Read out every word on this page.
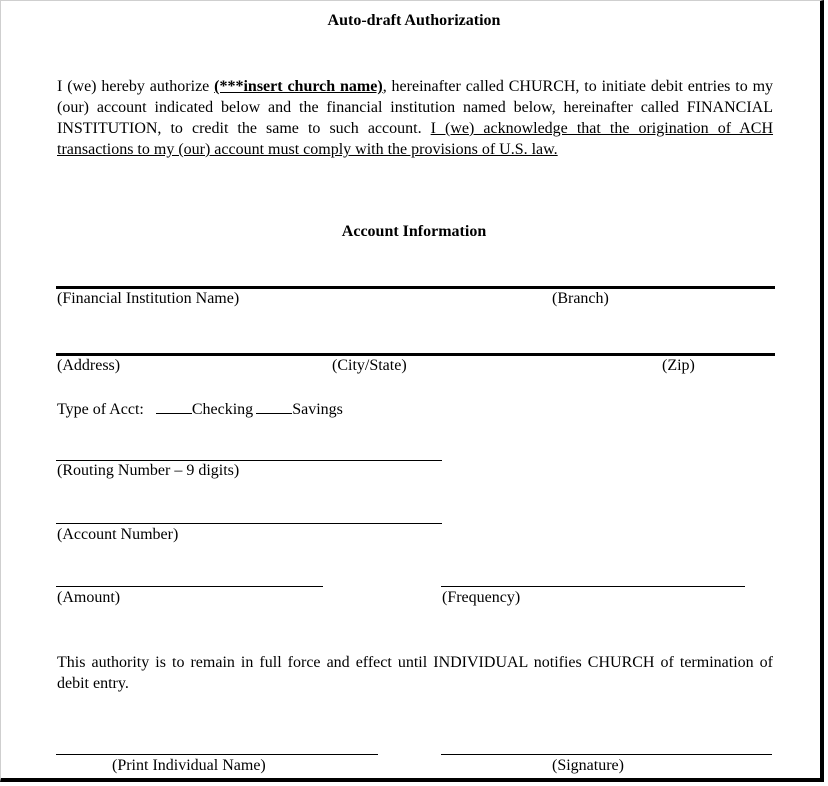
Auto-draft Authorization
I (we) hereby authorize (***insert church name), hereinafter called CHURCH, to initiate debit entries to my (our) account indicated below and the financial institution named below, hereinafter called FINANCIAL INSTITUTION, to credit the same to such account. I (we) acknowledge that the origination of ACH transactions to my (our) account must comply with the provisions of U.S. law.
Account Information
(Financial Institution Name)	(Branch)
(Address)	(City/State)	(Zip)
Type of Acct:	Checking Savings
(Routing Number – 9 digits)
(Account Number)
(Amount)	(Frequency)
This authority is to remain in full force and effect until INDIVIDUAL notifies CHURCH of termination of debit entry.
(Print Individual Name)	(Signature)
